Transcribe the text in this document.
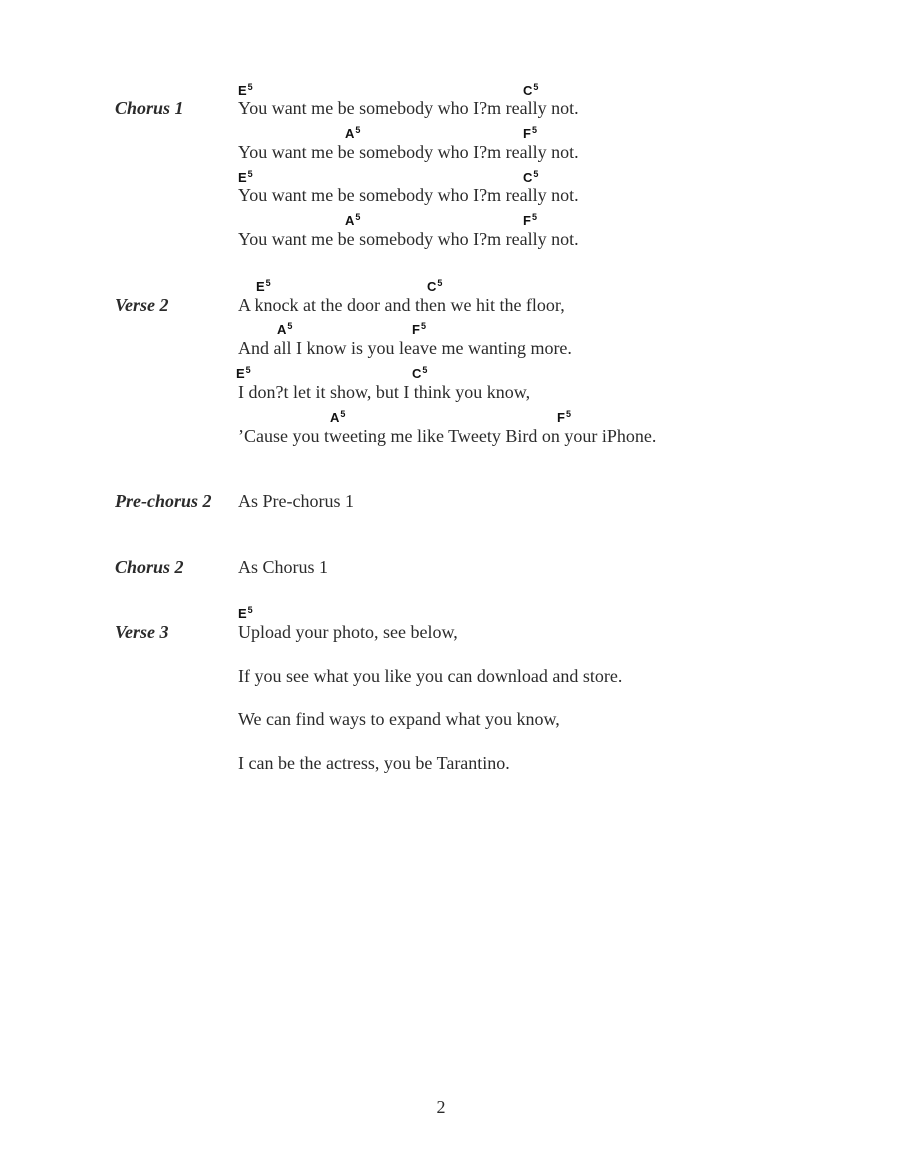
Chorus 1
$E^5$	$C^5$
You want me be somebody who I?m really not.
$A^5$	$F^5$
You want me be somebody who I?m really not.
$E^5$	$C^5$
You want me be somebody who I?m really not.
$A^5$	$F^5$
You want me be somebody who I?m really not.
Verse 2
$E^5$	$C^5$
A knock at the door and then we hit the floor,
$A^5$	$F^5$
And all I know is you leave me wanting more.
$E^5$	$C^5$
I don?t let it show, but I think you know,
$A^5$	$F^5$
’Cause you tweeting me like Tweety Bird on your iPhone.
Pre-chorus 2 As Pre-chorus 1
Chorus 2	As Chorus 1
Verse 3
$E^5$
Upload your photo, see below,
If you see what you like you can download and store.
We can find ways to expand what you know,
I can be the actress, you be Tarantino.
2
